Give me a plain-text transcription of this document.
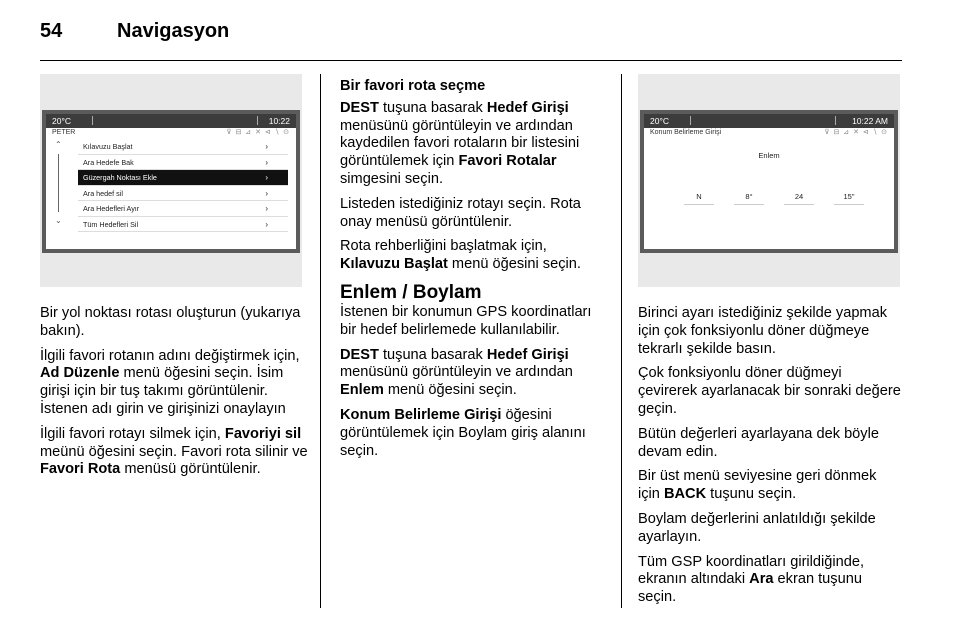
54	Navigasyon
20°C	10:22
PETER	⊽ ⊟ ⊿ ✕ ⊲ ∖ ⊙
⌃
⌄
Kılavuzu Başlat	›
Ara Hedefe Bak	›
Güzergah Noktası Ekle	›
Ara hedef sil	›
Ara Hedefleri Ayır	›
Tüm Hedefleri Sil	›
20°C	10:22 AM
Konum Belirleme Girişi	⊽ ⊟ ⊿ ✕ ⊲ ∖ ⊙
Enlem
N	8°	24	15"

Bir yol noktası rotası oluşturun (yukarıya bakın).

İlgili favori rotanın adını değiştirmek için, Ad Düzenle menü öğesini seçin. İsim girişi için bir tuş takımı görüntülenir. İstenen adı girin ve girişinizi onaylayın

İlgili favori rotayı silmek için, Favoriyi sil meünü öğesini seçin. Favori rota silinir ve Favori Rota menüsü görüntülenir.

Bir favori rota seçme

DEST tuşuna basarak Hedef Girişi menüsünü görüntüleyin ve ardından kaydedilen favori rotaların bir listesini görüntülemek için Favori Rotalar simgesini seçin.

Listeden istediğiniz rotayı seçin. Rota onay menüsü görüntülenir.

Rota rehberliğini başlatmak için, Kılavuzu Başlat menü öğesini seçin.

Enlem / Boylam

İstenen bir konumun GPS koordinatları bir hedef belirlemede kullanılabilir.

DEST tuşuna basarak Hedef Girişi menüsünü görüntüleyin ve ardından Enlem menü öğesini seçin.

Konum Belirleme Girişi öğesini görüntülemek için Boylam giriş alanını seçin.

Birinci ayarı istediğiniz şekilde yapmak için çok fonksiyonlu döner düğmeye tekrarlı şekilde basın.

Çok fonksiyonlu döner düğmeyi çevirerek ayarlanacak bir sonraki değere geçin.

Bütün değerleri ayarlayana dek böyle devam edin.

Bir üst menü seviyesine geri dönmek için BACK tuşunu seçin.

Boylam değerlerini anlatıldığı şekilde ayarlayın.

Tüm GSP koordinatları girildiğinde, ekranın altındaki Ara ekran tuşunu seçin.
